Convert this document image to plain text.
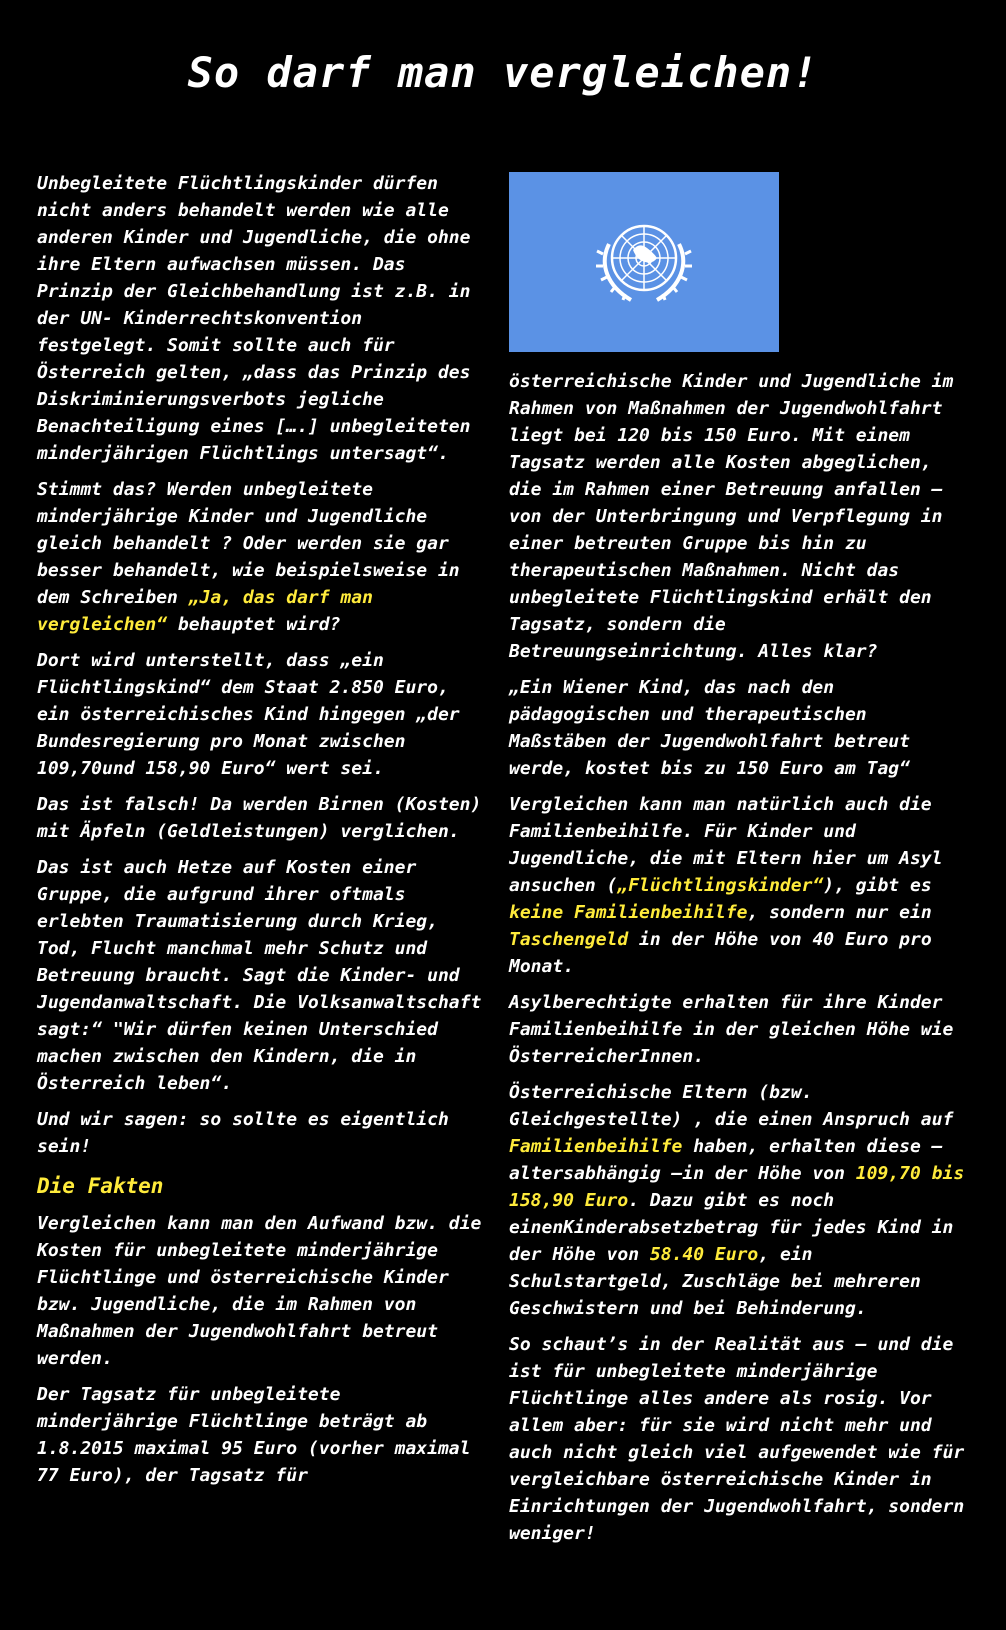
So darf man vergleichen!

Unbegleitete Flüchtlingskinder dürfen nicht anders behandelt werden wie alle anderen Kinder und Jugendliche, die ohne ihre Eltern aufwachsen müssen. Das Prinzip der Gleichbehandlung ist z.B. in der UN- Kinderrechtskonvention festgelegt. Somit sollte auch für Österreich gelten, „dass das Prinzip des Diskriminierungsverbots jegliche Benachteiligung eines [….] unbegleiteten minderjährigen Flüchtlings untersagt“.

Stimmt das? Werden unbegleitete minderjährige Kinder und Jugendliche gleich behandelt ? Oder werden sie gar besser behandelt, wie beispielsweise in dem Schreiben „Ja, das darf man vergleichen“ behauptet wird?

Dort wird unterstellt, dass „ein Flüchtlingskind“ dem Staat 2.850 Euro, ein österreichisches Kind hingegen „der Bundesregierung pro Monat zwischen 109,70und 158,90 Euro“ wert sei.

Das ist falsch! Da werden Birnen (Kosten) mit Äpfeln (Geldleistungen) verglichen.

Das ist auch Hetze auf Kosten einer Gruppe, die aufgrund ihrer oftmals erlebten Traumatisierung durch Krieg, Tod, Flucht manchmal mehr Schutz und Betreuung braucht. Sagt die Kinder- und Jugendanwaltschaft. Die Volksanwaltschaft sagt:“ "Wir dürfen keinen Unterschied machen zwischen den Kindern, die in Österreich leben“.

Und wir sagen: so sollte es eigentlich sein!

Die Fakten

Vergleichen kann man den Aufwand bzw. die Kosten für unbegleitete minderjährige Flüchtlinge und österreichische Kinder bzw. Jugendliche, die im Rahmen von Maßnahmen der Jugendwohlfahrt betreut werden.

Der Tagsatz für unbegleitete minderjährige Flüchtlinge beträgt ab 1.8.2015 maximal 95 Euro (vorher maximal 77 Euro), der Tagsatz für

österreichische Kinder und Jugendliche im Rahmen von Maßnahmen der Jugendwohlfahrt liegt bei 120 bis 150 Euro. Mit einem Tagsatz werden alle Kosten abgeglichen, die im Rahmen einer Betreuung anfallen – von der Unterbringung und Verpflegung in einer betreuten Gruppe bis hin zu therapeutischen Maßnahmen. Nicht das unbegleitete Flüchtlingskind erhält den Tagsatz, sondern die Betreuungseinrichtung. Alles klar?

„Ein Wiener Kind, das nach den pädagogischen und therapeutischen Maßstäben der Jugendwohlfahrt betreut werde, kostet bis zu 150 Euro am Tag“

Vergleichen kann man natürlich auch die Familienbeihilfe. Für Kinder und Jugendliche, die mit Eltern hier um Asyl ansuchen („Flüchtlingskinder“), gibt es keine Familienbeihilfe, sondern nur ein Taschengeld in der Höhe von 40 Euro pro Monat.

Asylberechtigte erhalten für ihre Kinder Familienbeihilfe in der gleichen Höhe wie ÖsterreicherInnen.

Österreichische Eltern (bzw. Gleichgestellte) , die einen Anspruch auf Familienbeihilfe haben, erhalten diese –altersabhängig –in der Höhe von 109,70 bis 158,90 Euro. Dazu gibt es noch einenKinderabsetzbetrag für jedes Kind in der Höhe von 58.40 Euro, ein Schulstartgeld, Zuschläge bei mehreren Geschwistern und bei Behinderung.

So schaut’s in der Realität aus – und die ist für unbegleitete minderjährige Flüchtlinge alles andere als rosig. Vor allem aber: für sie wird nicht mehr und auch nicht gleich viel aufgewendet wie für vergleichbare österreichische Kinder in Einrichtungen der Jugendwohlfahrt, sondern weniger!
